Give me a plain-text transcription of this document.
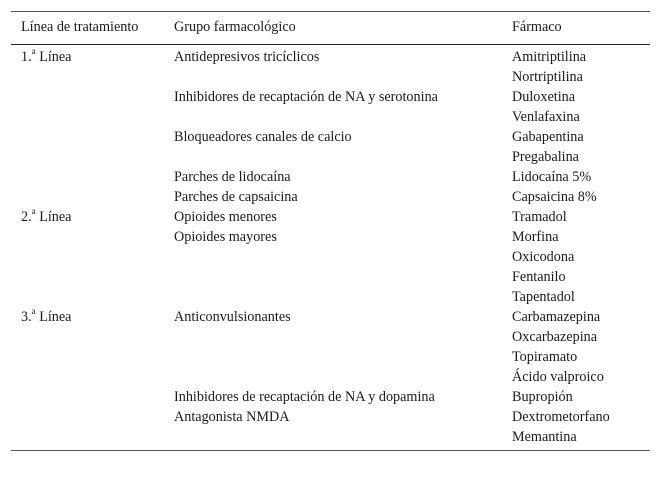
Línea de tratamiento	Grupo farmacológico	Fármaco
1.$^a$ Línea	Antidepresivos tricíclicos	Amitriptilina
Nortriptilina

	Inhibidores de recaptación de NA y serotonina	Duloxetina
Venlafaxina

	Bloqueadores canales de calcio	Gabapentina
Pregabalina

	Parches de lidocaína	Lidocaína 5%

	Parches de capsaicina	Capsaicina 8%

2.$^a$ Línea	Opioides menores	Tramadol

	Opioides mayores	Morfina
Oxicodona
Fentanilo
Tapentadol

3.$^a$ Línea	Anticonvulsionantes	Carbamazepina
Oxcarbazepina
Topiramato
Ácido valproico

	Inhibidores de recaptación de NA y dopamina	Bupropión

	Antagonista NMDA	Dextrometorfano
Memantina
